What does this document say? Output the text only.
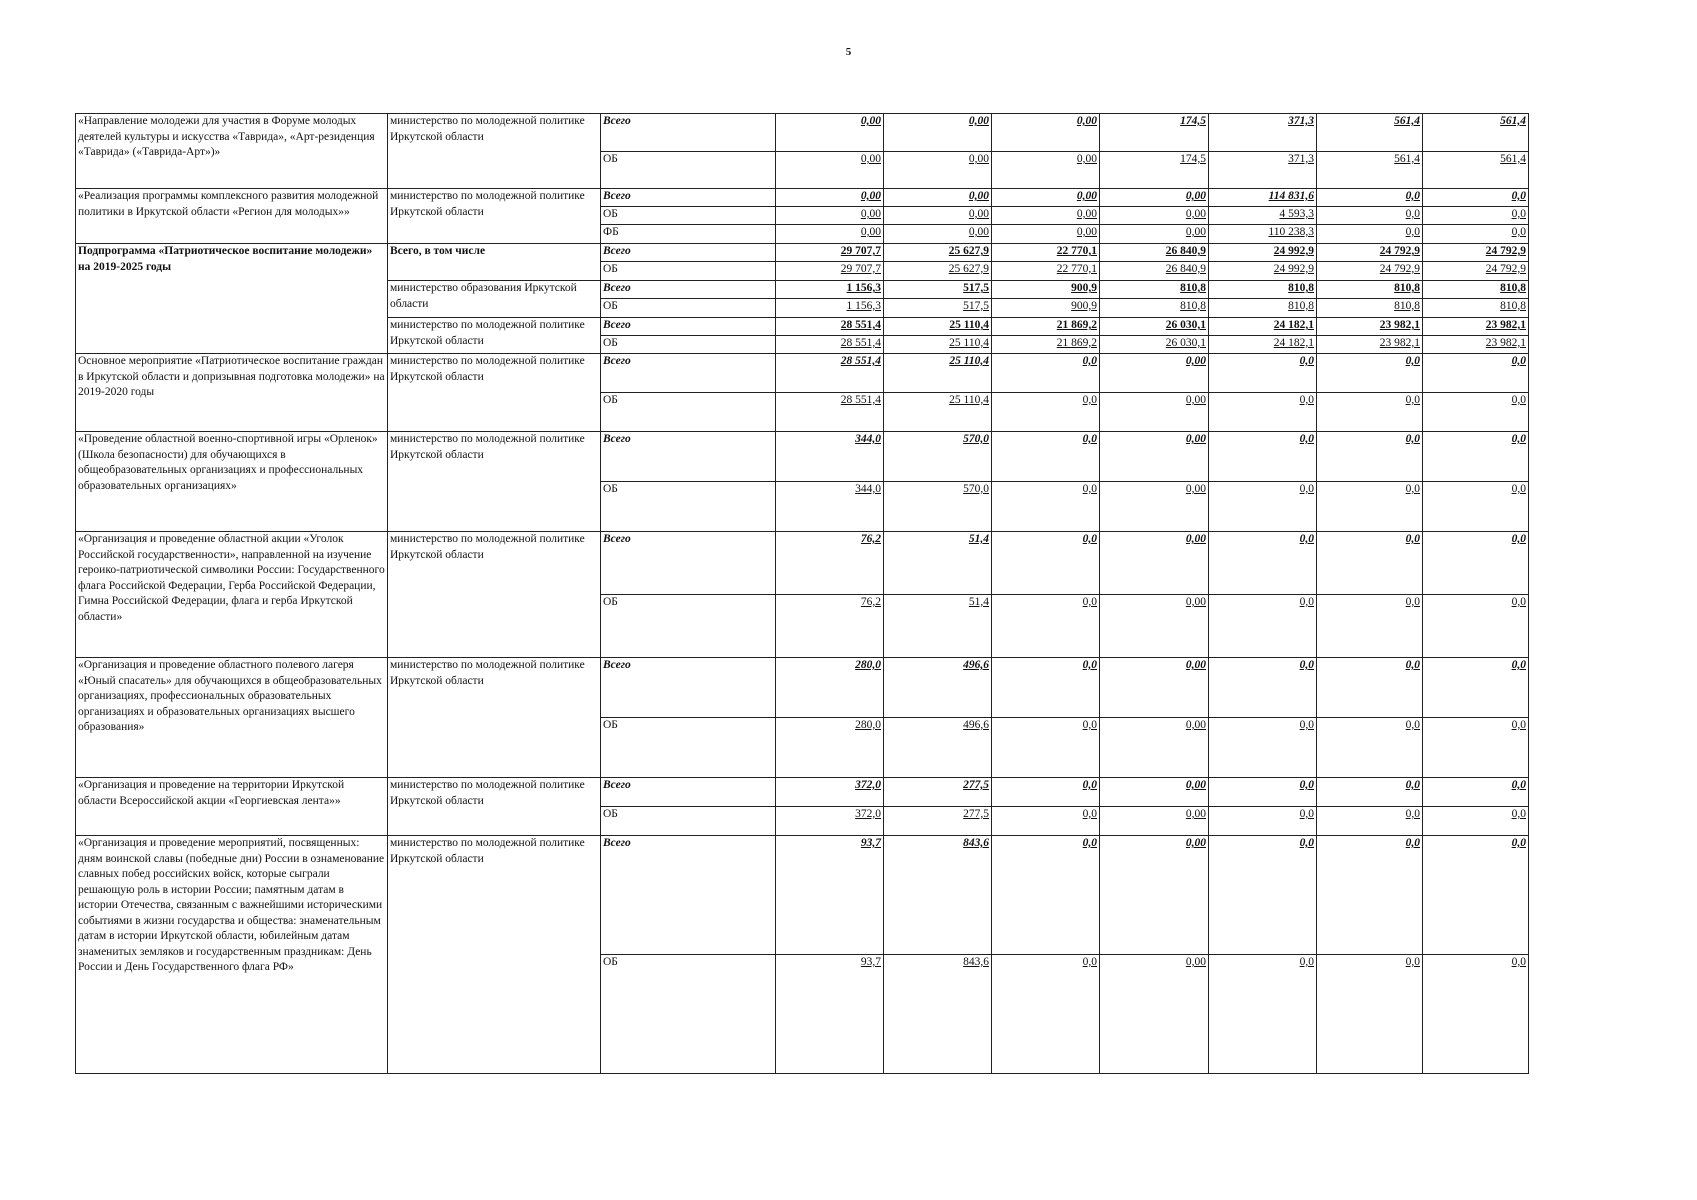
5
«Направление молодежи для участия в Форуме молодых деятелей культуры и искусства «Таврида», «Арт-резиденция «Таврида» («Таврида-Арт»)»	министерство по молодежной политике Иркутской области	Всего	0,00	0,00	0,00	174,5	371,3	561,4	561,4
		ОБ	0,00	0,00	0,00	174,5	371,3	561,4	561,4
«Реализация программы комплексного развития молодежной политики в Иркутской области «Регион для молодых»»	министерство по молодежной политике Иркутской области	Всего	0,00	0,00	0,00	0,00	114 831,6	0,0	0,0
		ОБ	0,00	0,00	0,00	0,00	4 593,3	0,0	0,0
		ФБ	0,00	0,00	0,00	0,00	110 238,3	0,0	0,0
Подпрограмма «Патриотическое воспитание молодежи» на 2019-2025 годы	Всего, в том числе	Всего	29 707,7	25 627,9	22 770,1	26 840,9	24 992,9	24 792,9	24 792,9
		ОБ	29 707,7	25 627,9	22 770,1	26 840,9	24 992,9	24 792,9	24 792,9
	министерство образования Иркутской области	Всего	1 156,3	517,5	900,9	810,8	810,8	810,8	810,8
		ОБ	1 156,3	517,5	900,9	810,8	810,8	810,8	810,8
	министерство по молодежной политике Иркутской области	Всего	28 551,4	25 110,4	21 869,2	26 030,1	24 182,1	23 982,1	23 982,1
		ОБ	28 551,4	25 110,4	21 869,2	26 030,1	24 182,1	23 982,1	23 982,1
Основное мероприятие «Патриотическое воспитание граждан в Иркутской области и допризывная подготовка молодежи» на 2019-2020 годы	министерство по молодежной политике Иркутской области	Всего	28 551,4	25 110,4	0,0	0,00	0,0	0,0	0,0
		ОБ	28 551,4	25 110,4	0,0	0,00	0,0	0,0	0,0
«Проведение областной военно-спортивной игры «Орленок» (Школа безопасности) для обучающихся в общеобразовательных организациях и профессиональных образовательных организациях»	министерство по молодежной политике Иркутской области	Всего	344,0	570,0	0,0	0,00	0,0	0,0	0,0
		ОБ	344,0	570,0	0,0	0,00	0,0	0,0	0,0
«Организация и проведение областной акции «Уголок Российской государственности», направленной на изучение героико-патриотической символики России: Государственного флага Российской Федерации, Герба Российской Федерации, Гимна Российской Федерации, флага и герба Иркутской области»	министерство по молодежной политике Иркутской области	Всего	76,2	51,4	0,0	0,00	0,0	0,0	0,0
		ОБ	76,2	51,4	0,0	0,00	0,0	0,0	0,0
«Организация и проведение областного полевого лагеря «Юный спасатель» для обучающихся в общеобразовательных организациях, профессиональных образовательных организациях и образовательных организациях высшего образования»	министерство по молодежной политике Иркутской области	Всего	280,0	496,6	0,0	0,00	0,0	0,0	0,0
		ОБ	280,0	496,6	0,0	0,00	0,0	0,0	0,0
«Организация и проведение на территории Иркутской области Всероссийской акции «Георгиевская лента»»	министерство по молодежной политике Иркутской области	Всего	372,0	277,5	0,0	0,00	0,0	0,0	0,0
		ОБ	372,0	277,5	0,0	0,00	0,0	0,0	0,0
«Организация и проведение мероприятий, посвященных: дням воинской славы (победные дни) России в ознаменование славных побед российских войск, которые сыграли решающую роль в истории России; памятным датам в истории Отечества, связанным с важнейшими историческими событиями в жизни государства и общества: знаменательным датам в истории Иркутской области, юбилейным датам знаменитых земляков и государственным праздникам: День России и День Государственного флага РФ»	министерство по молодежной политике Иркутской области	Всего	93,7	843,6	0,0	0,00	0,0	0,0	0,0
		ОБ	93,7	843,6	0,0	0,00	0,0	0,0	0,0
